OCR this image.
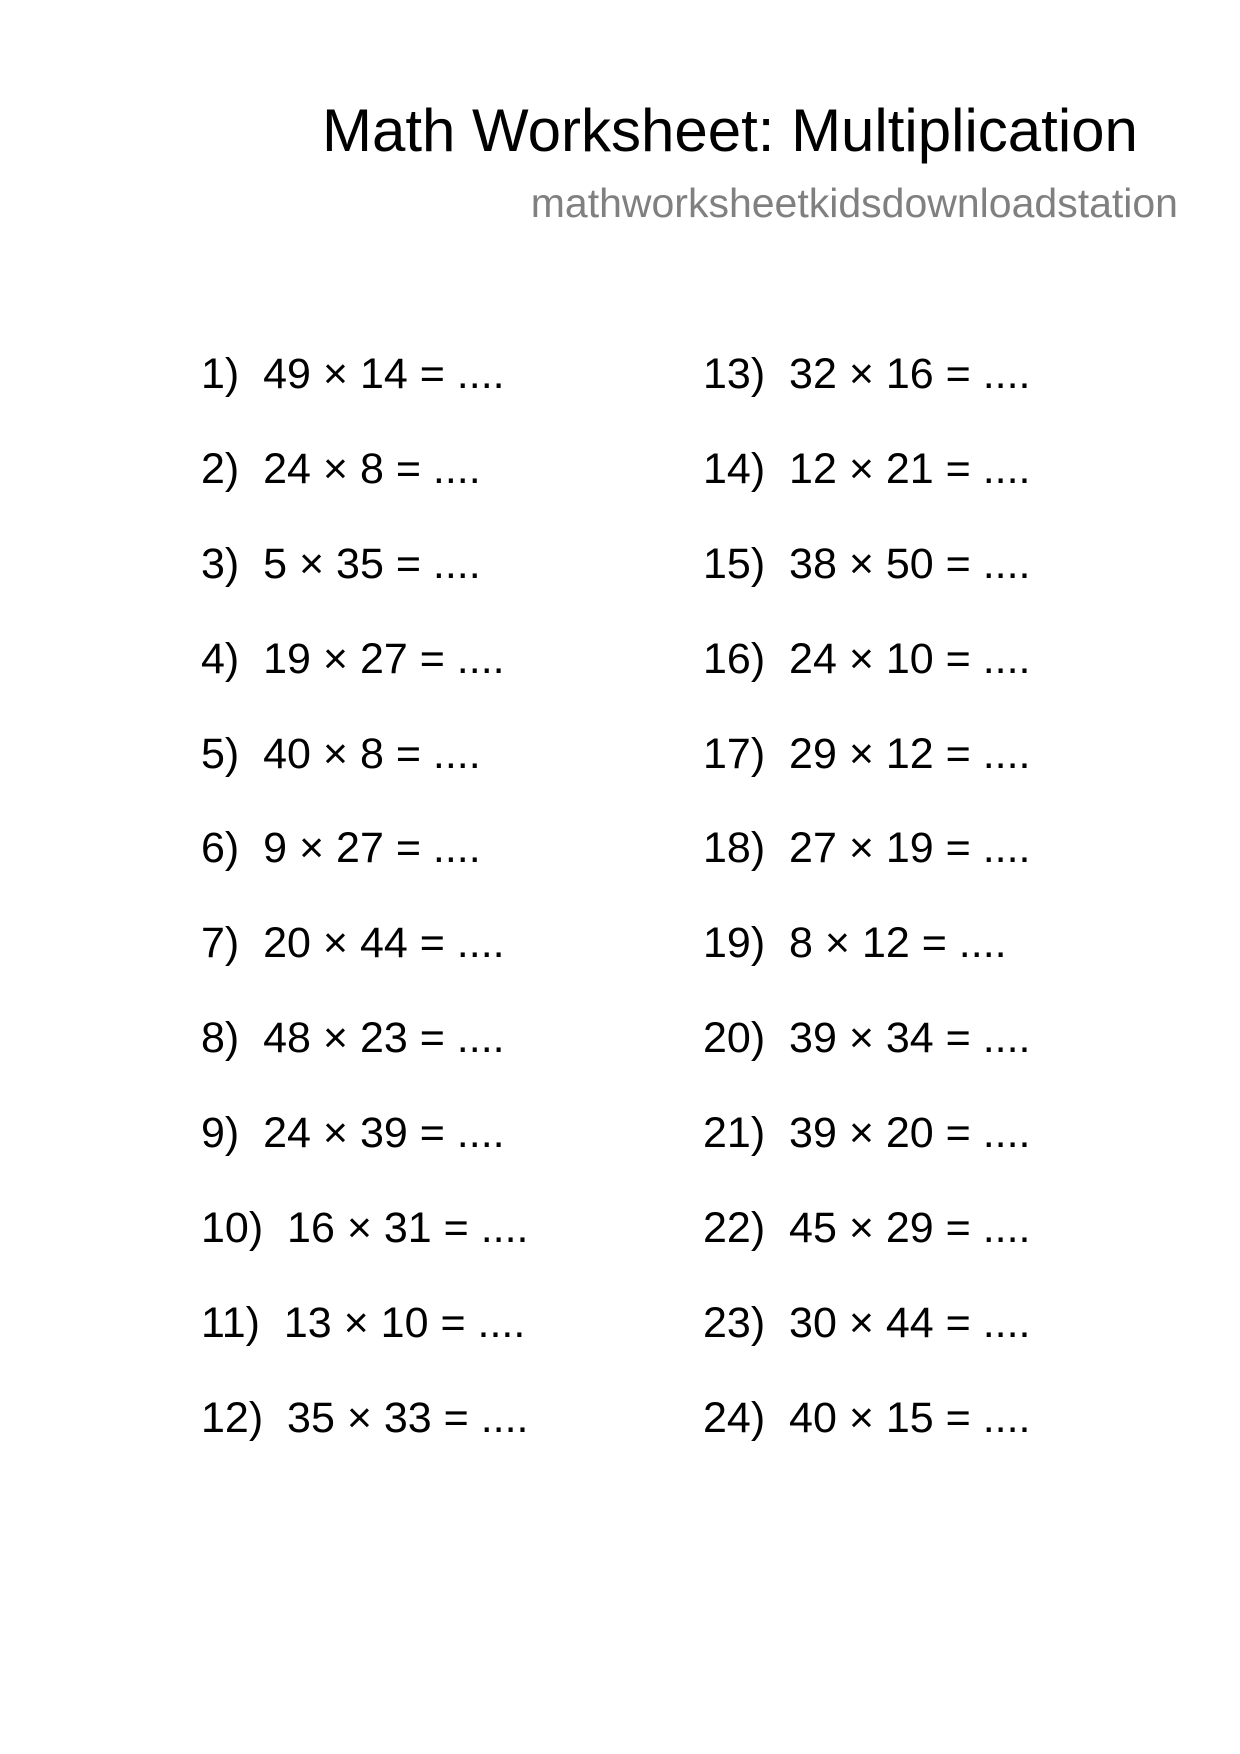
Math Worksheet: Multiplication
mathworksheetkidsdownloadstation
1)  49 × 14 = ....
2)  24 × 8 = ....
3)  5 × 35 = ....
4)  19 × 27 = ....
5)  40 × 8 = ....
6)  9 × 27 = ....
7)  20 × 44 = ....
8)  48 × 23 = ....
9)  24 × 39 = ....
10)  16 × 31 = ....
11)  13 × 10 = ....
12)  35 × 33 = ....
13)  32 × 16 = ....
14)  12 × 21 = ....
15)  38 × 50 = ....
16)  24 × 10 = ....
17)  29 × 12 = ....
18)  27 × 19 = ....
19)  8 × 12 = ....
20)  39 × 34 = ....
21)  39 × 20 = ....
22)  45 × 29 = ....
23)  30 × 44 = ....
24)  40 × 15 = ....
